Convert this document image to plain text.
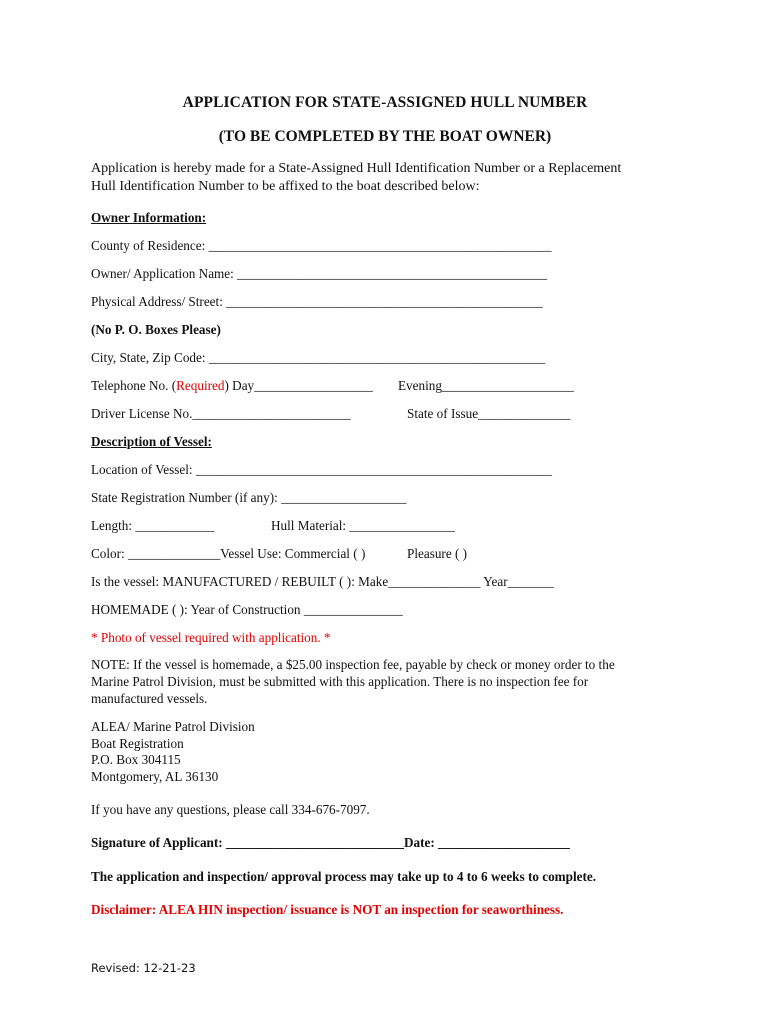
APPLICATION FOR STATE-ASSIGNED HULL NUMBER
(TO BE COMPLETED BY THE BOAT OWNER)
Application is hereby made for a State-Assigned Hull Identification Number or a Replacement
Hull Identification Number to be affixed to the boat described below:
Owner Information:
County of Residence: ____________________________________________________
Owner/ Application Name: _______________________________________________
Physical Address/ Street: ________________________________________________
(No P. O. Boxes Please)
City, State, Zip Code: ___________________________________________________
Telephone No. (Required) Day__________________ Evening____________________
Driver License No.________________________	State of Issue______________
Description of Vessel:
Location of Vessel: ______________________________________________________
State Registration Number (if any): ___________________
Length: ____________	Hull Material: ________________
Color: ______________Vessel Use: Commercial ( )	Pleasure ( )
Is the vessel: MANUFACTURED / REBUILT ( ): Make______________ Year_______
HOMEMADE ( ): Year of Construction _______________
* Photo of vessel required with application. *
NOTE: If the vessel is homemade, a $25.00 inspection fee, payable by check or money order to the
Marine Patrol Division, must be submitted with this application. There is no inspection fee for
manufactured vessels.
ALEA/ Marine Patrol Division
Boat Registration
P.O. Box 304115
Montgomery, AL 36130
If you have any questions, please call 334-676-7097.
Signature of Applicant: ___________________________Date: ____________________
The application and inspection/ approval process may take up to 4 to 6 weeks to complete.
Disclaimer: ALEA HIN inspection/ issuance is NOT an inspection for seaworthiness.
Revised: 12-21-23
